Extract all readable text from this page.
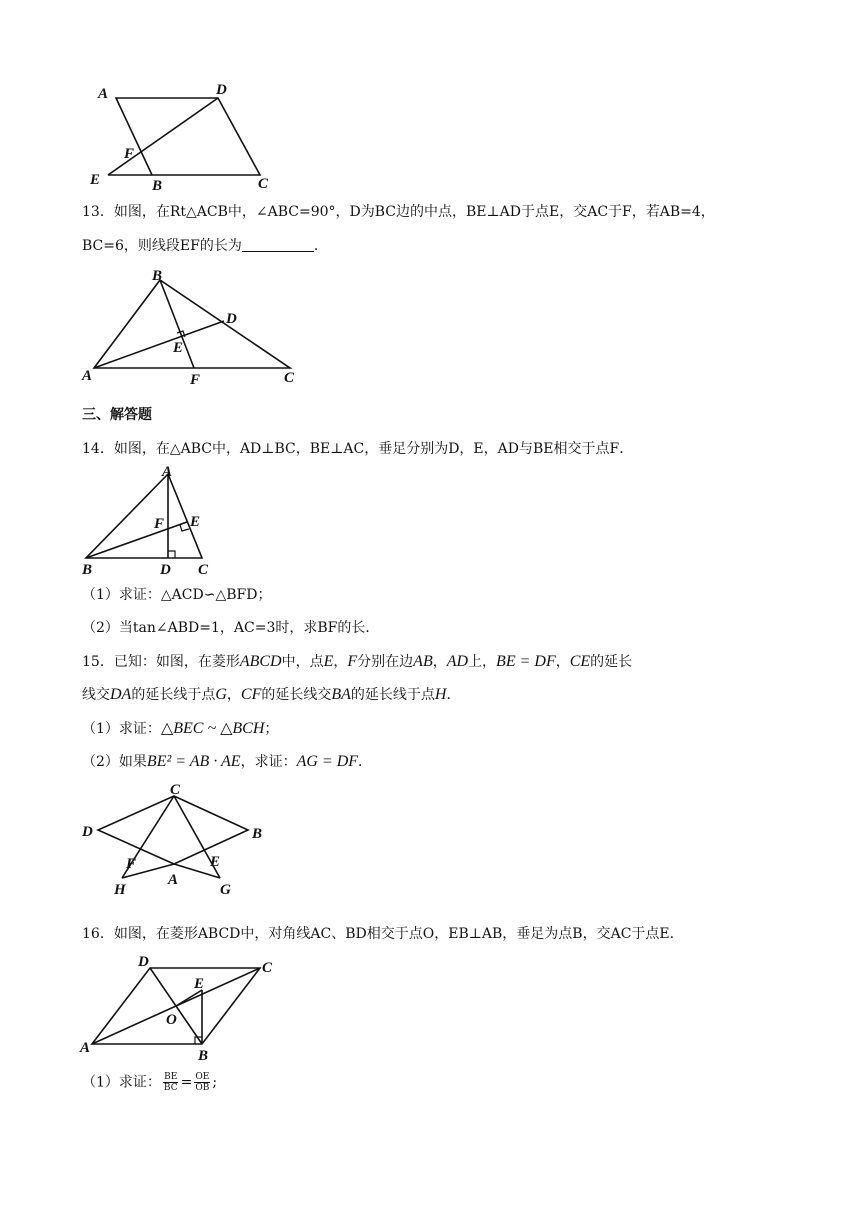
A	D
F
E	B	C
13．如图，在Rt△ACB中，∠ABC=90°，D为BC边的中点，BE⊥AD于点E，交AC于F，若AB=4，
BC=6，则线段EF的长为	．
B
D
E
A	F	C
三、解答题
14．如图，在△ABC中，AD⊥BC，BE⊥AC，垂足分别为D，E，AD与BE相交于点F．
A
F E
B	D C
（1）求证：△ACD∽△BFD；
（2）当tan∠ABD=1，AC=3时，求BF的长．
15．已知：如图，在菱形ABCD中，点E，F分别在边AB，AD上，BE = DF，CE的延长
线交DA的延长线于点G，CF的延长线交BA的延长线于点H．
（1）求证：△BEC ~ △BCH；
（2）如果BE² = AB · AE，求证：AG = DF．
C
D	B
F	E
A
H	G
16．如图，在菱形ABCD中，对角线AC、BD相交于点O，EB⊥AB，垂足为点B，交AC于点E.
D	C
E
O
A	B
（1）求证： $\frac{BE}{BC} = \frac{OE}{OB}$ ;
